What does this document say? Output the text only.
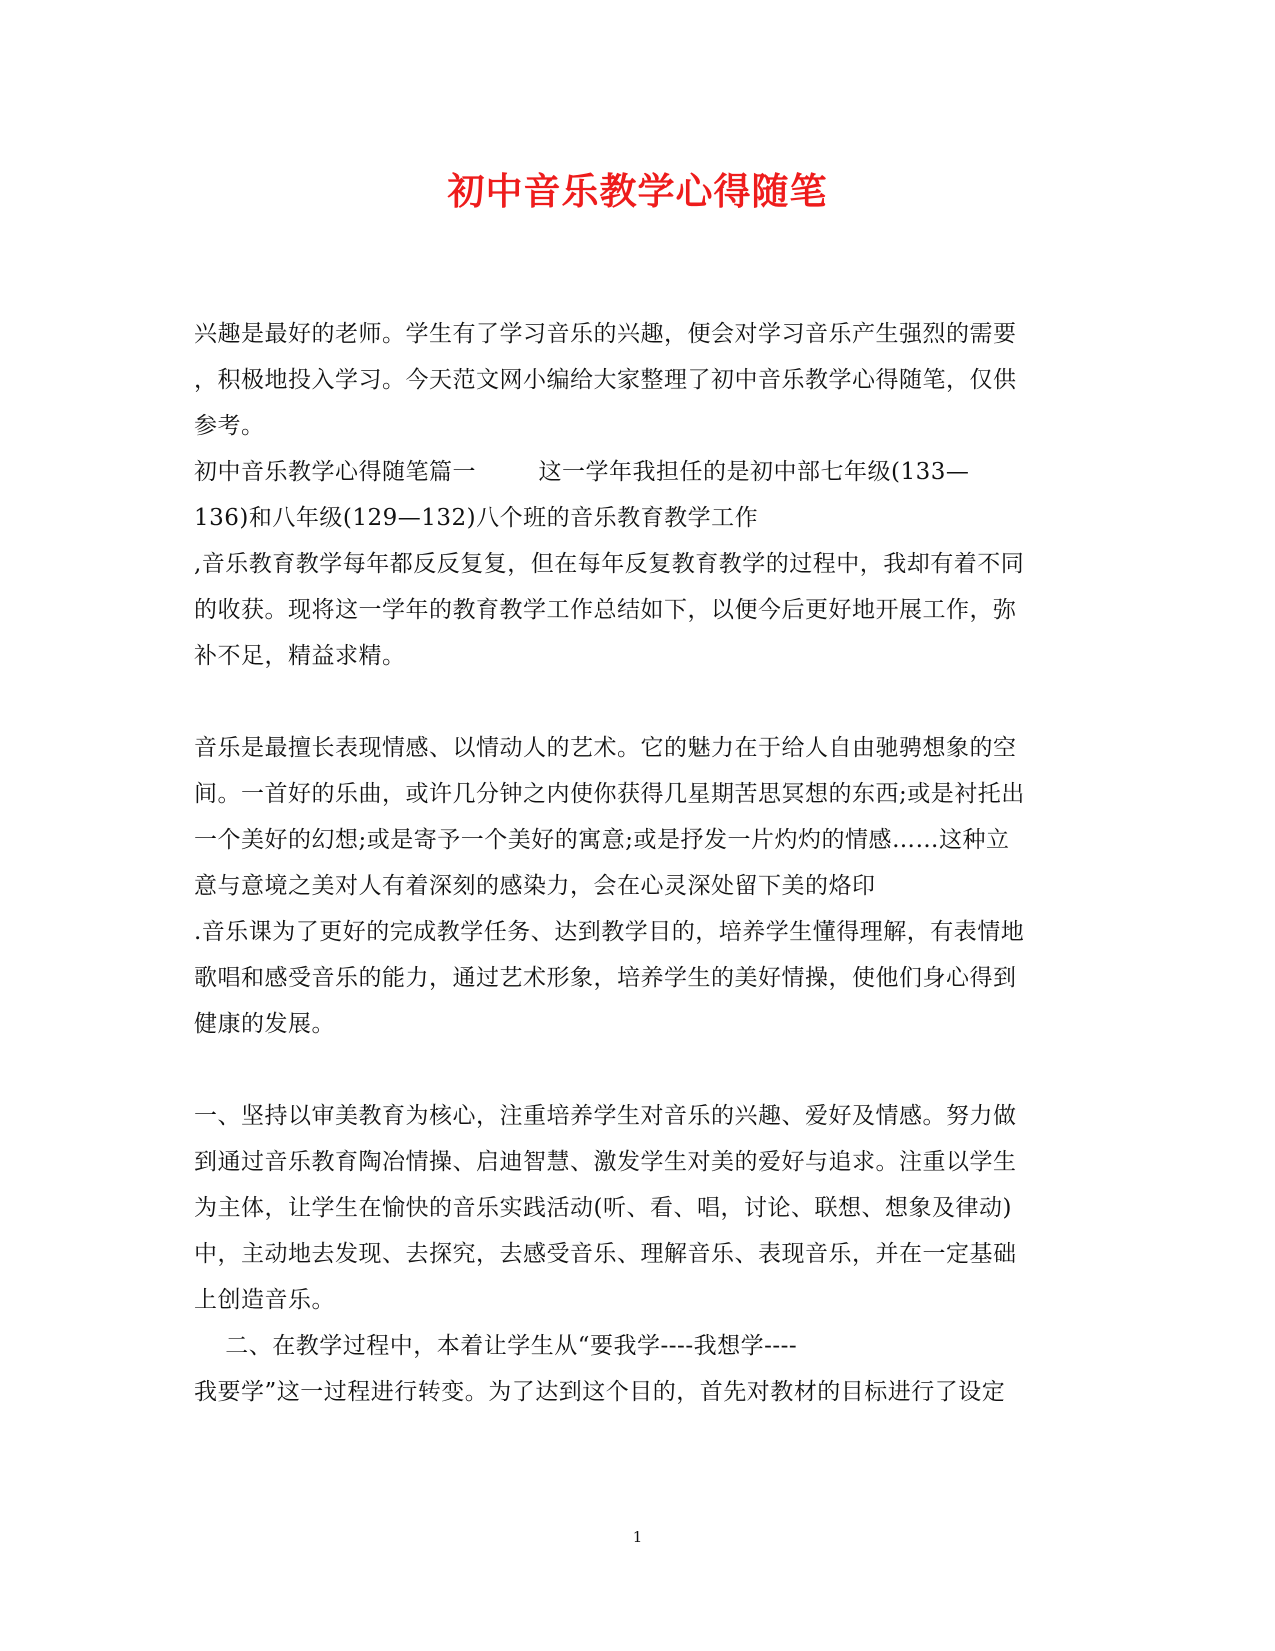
初中音乐教学心得随笔
兴趣是最好的老师。学生有了学习音乐的兴趣，便会对学习音乐产生强烈的需要
，积极地投入学习。今天范文网小编给大家整理了初中音乐教学心得随笔，仅供
参考。
初中音乐教学心得随笔篇一        这一学年我担任的是初中部七年级(133—
136)和八年级(129—132)八个班的音乐教育教学工作
,音乐教育教学每年都反反复复，但在每年反复教育教学的过程中，我却有着不同
的收获。现将这一学年的教育教学工作总结如下，以便今后更好地开展工作，弥
补不足，精益求精。
音乐是最擅长表现情感、以情动人的艺术。它的魅力在于给人自由驰骋想象的空
间。一首好的乐曲，或许几分钟之内使你获得几星期苦思冥想的东西;或是衬托出
一个美好的幻想;或是寄予一个美好的寓意;或是抒发一片灼灼的情感……这种立
意与意境之美对人有着深刻的感染力，会在心灵深处留下美的烙印
.音乐课为了更好的完成教学任务、达到教学目的，培养学生懂得理解，有表情地
歌唱和感受音乐的能力，通过艺术形象，培养学生的美好情操，使他们身心得到
健康的发展。
一、坚持以审美教育为核心，注重培养学生对音乐的兴趣、爱好及情感。努力做
到通过音乐教育陶冶情操、启迪智慧、激发学生对美的爱好与追求。注重以学生
为主体，让学生在愉快的音乐实践活动(听、看、唱，讨论、联想、想象及律动)
中，主动地去发现、去探究，去感受音乐、理解音乐、表现音乐，并在一定基础
上创造音乐。
二、在教学过程中，本着让学生从“要我学----我想学----
我要学”这一过程进行转变。为了达到这个目的，首先对教材的目标进行了设定
1
